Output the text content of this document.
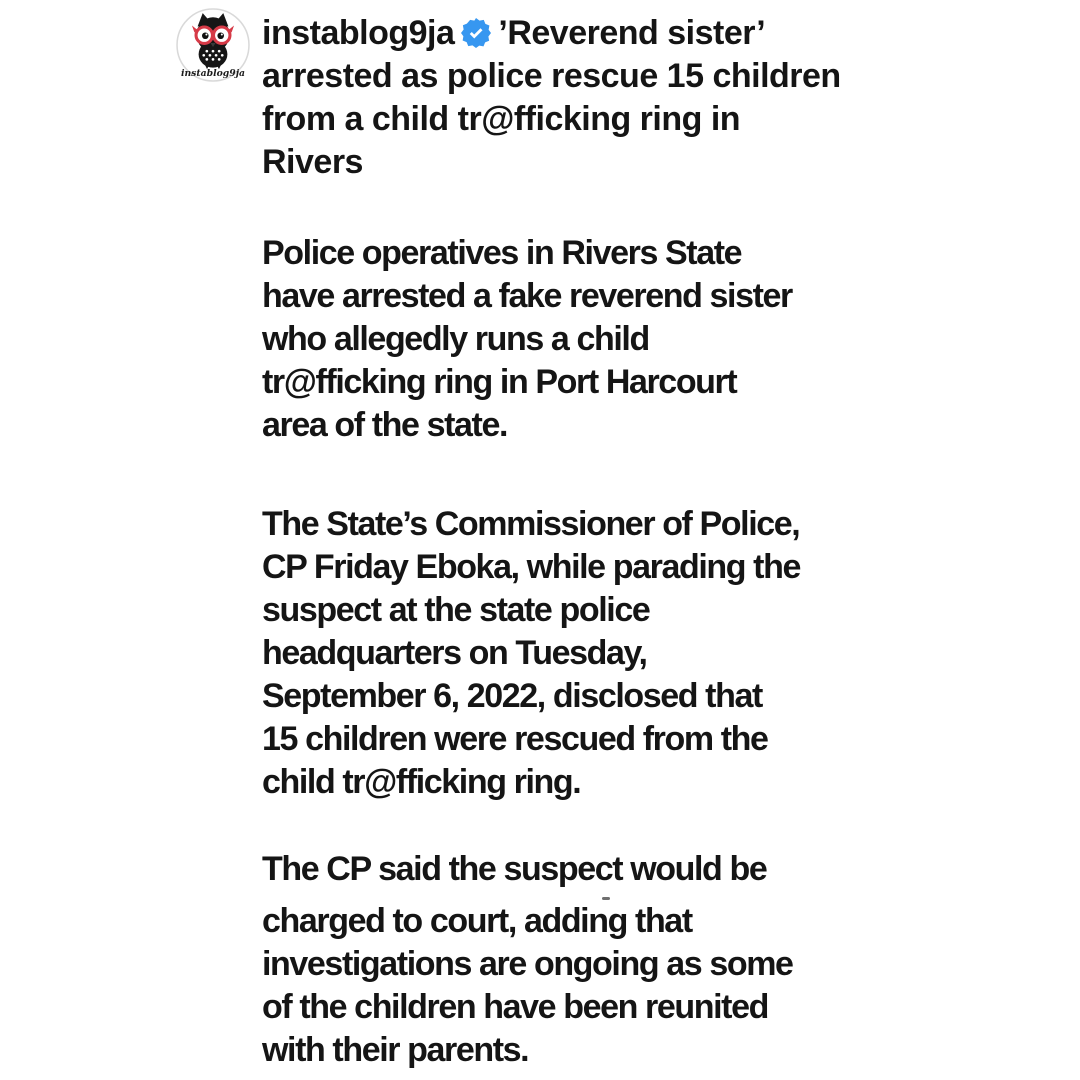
instablog9ja
instablog9ja ’Reverend sister’
arrested as police rescue 15 children
from a child tr@fficking ring in
Rivers
Police operatives in Rivers State
have arrested a fake reverend sister
who allegedly runs a child
tr@fficking ring in Port Harcourt
area of the state.
The State’s Commissioner of Police,
CP Friday Eboka, while parading the
suspect at the state police
headquarters on Tuesday,
September 6, 2022, disclosed that
15 children were rescued from the
child tr@fficking ring.
The CP said the suspect would be
charged to court, adding that
investigations are ongoing as some
of the children have been reunited
with their parents.
